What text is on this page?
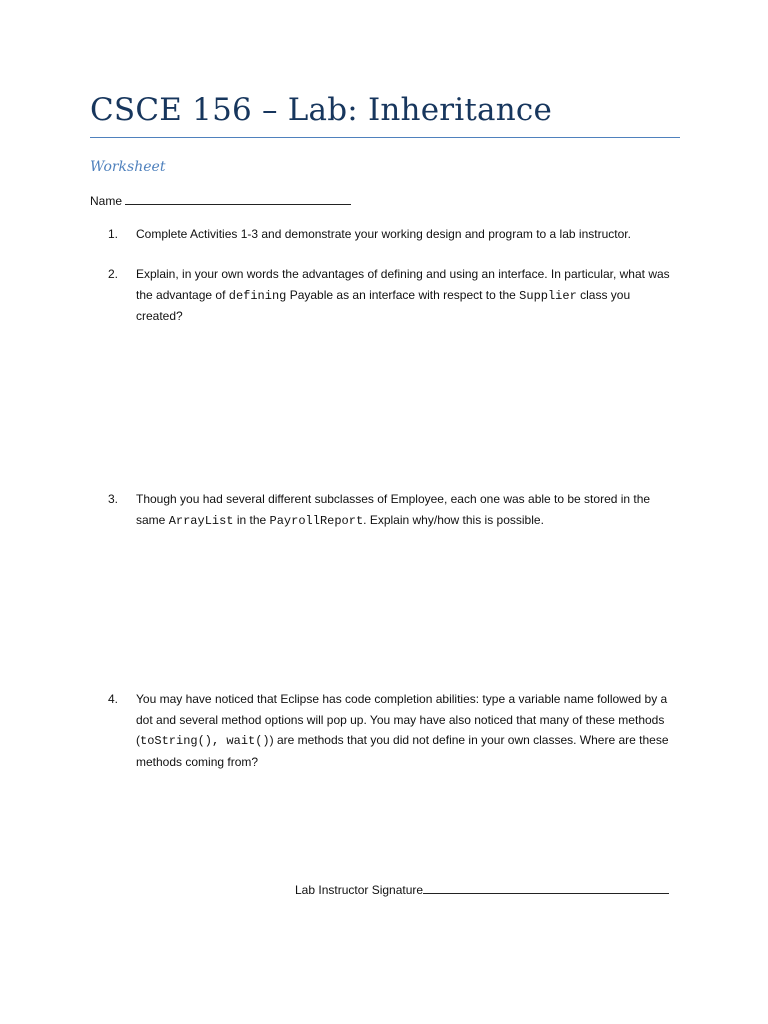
CSCE 156 – Lab: Inheritance
Worksheet
Name
1.	Complete Activities 1-3 and demonstrate your working design and program to a lab instructor.
2.	Explain, in your own words the advantages of defining and using an interface. In particular, what was the advantage of defining Payable as an interface with respect to the Supplier class you created?
3.	Though you had several different subclasses of Employee, each one was able to be stored in the same ArrayList in the PayrollReport. Explain why/how this is possible.
4.	You may have noticed that Eclipse has code completion abilities: type a variable name followed by a dot and several method options will pop up. You may have also noticed that many of these methods (toString(), wait()) are methods that you did not define in your own classes. Where are these methods coming from?
Lab Instructor Signature
